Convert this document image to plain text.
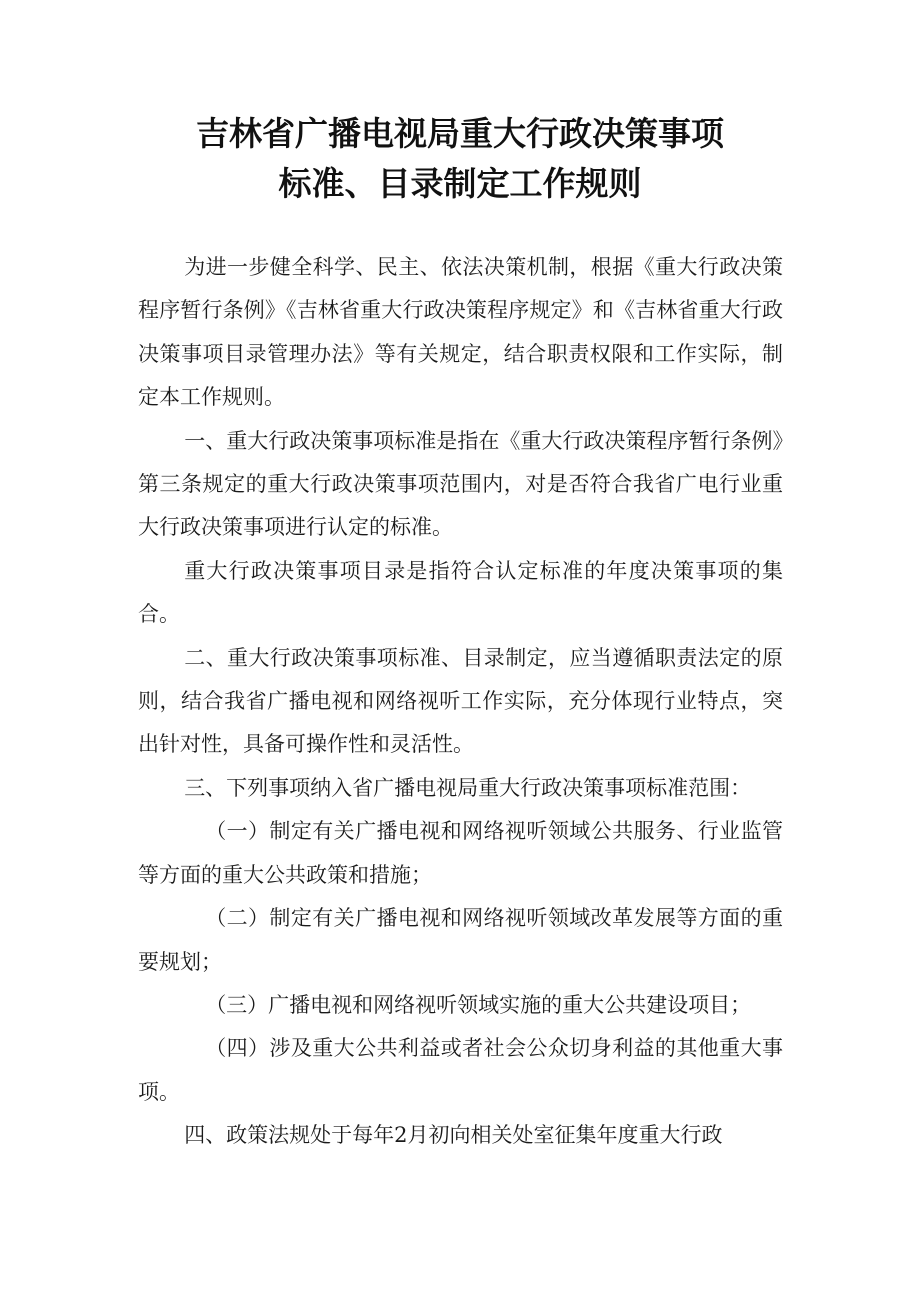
吉林省广播电视局重大行政决策事项
标准、目录制定工作规则

为进一步健全科学、民主、依法决策机制，根据《重大行政决策程序暂行条例》《吉林省重大行政决策程序规定》和《吉林省重大行政决策事项目录管理办法》等有关规定，结合职责权限和工作实际，制定本工作规则。

一、重大行政决策事项标准是指在《重大行政决策程序暂行条例》第三条规定的重大行政决策事项范围内，对是否符合我省广电行业重大行政决策事项进行认定的标准。

重大行政决策事项目录是指符合认定标准的年度决策事项的集合。

二、重大行政决策事项标准、目录制定，应当遵循职责法定的原则，结合我省广播电视和网络视听工作实际，充分体现行业特点，突出针对性，具备可操作性和灵活性。

三、下列事项纳入省广播电视局重大行政决策事项标准范围：

（一）制定有关广播电视和网络视听领域公共服务、行业监管等方面的重大公共政策和措施；

（二）制定有关广播电视和网络视听领域改革发展等方面的重要规划；

（三）广播电视和网络视听领域实施的重大公共建设项目；

（四）涉及重大公共利益或者社会公众切身利益的其他重大事项。

四、政策法规处于每年2月初向相关处室征集年度重大行政
